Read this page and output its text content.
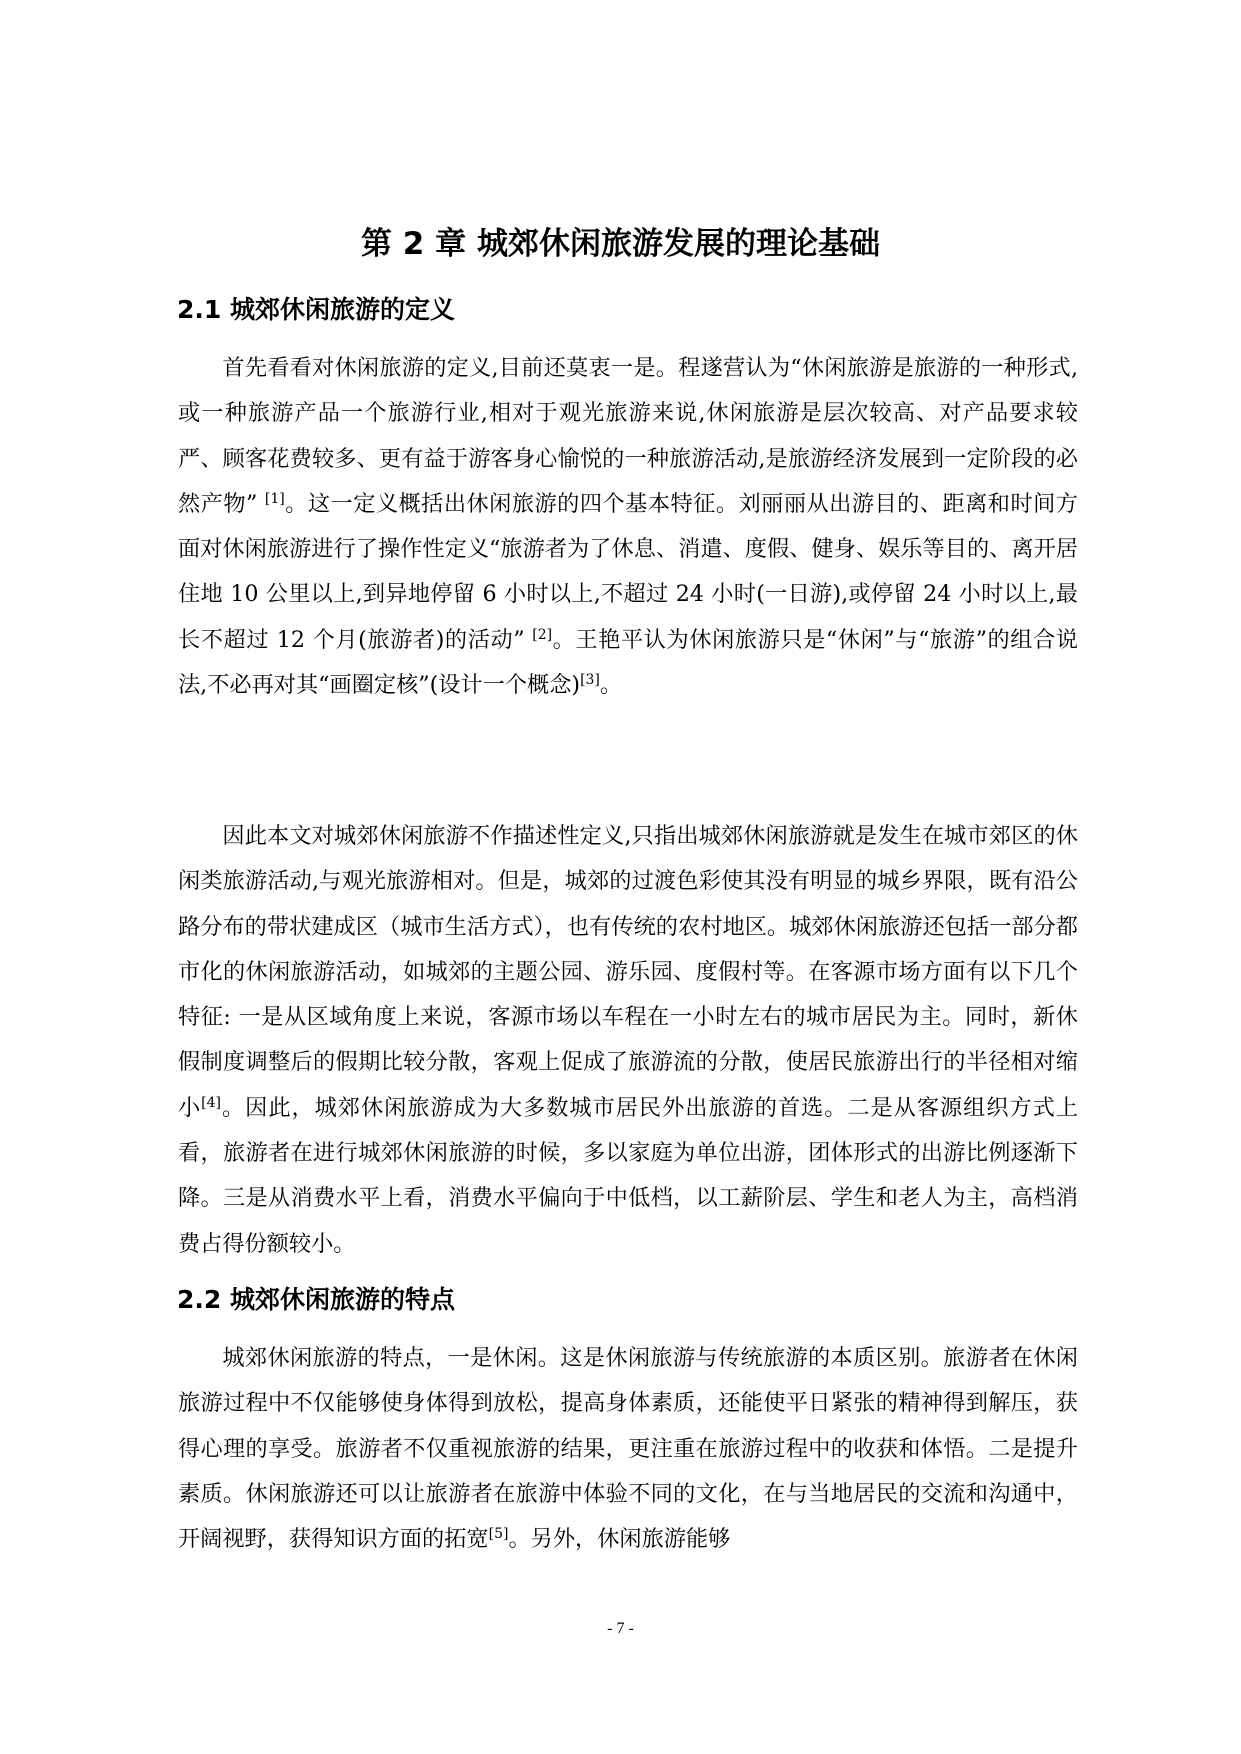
第 2 章 城郊休闲旅游发展的理论基础
2.1 城郊休闲旅游的定义

首先看看对休闲旅游的定义,目前还莫衷一是。程遂营认为“休闲旅游是旅游的一种形式,或一种旅游产品一个旅游行业,相对于观光旅游来说,休闲旅游是层次较高、对产品要求较严、顾客花费较多、更有益于游客身心愉悦的一种旅游活动,是旅游经济发展到一定阶段的必然产物” [1]。这一定义概括出休闲旅游的四个基本特征。刘丽丽从出游目的、距离和时间方面对休闲旅游进行了操作性定义“旅游者为了休息、消遣、度假、健身、娱乐等目的、离开居住地 10 公里以上,到异地停留 6 小时以上,不超过 24 小时(一日游),或停留 24 小时以上,最长不超过 12 个月(旅游者)的活动” [2]。王艳平认为休闲旅游只是“休闲”与“旅游”的组合说法,不必再对其“画圈定核”(设计一个概念)[3]。

因此本文对城郊休闲旅游不作描述性定义,只指出城郊休闲旅游就是发生在城市郊区的休闲类旅游活动,与观光旅游相对。但是，城郊的过渡色彩使其没有明显的城乡界限，既有沿公路分布的带状建成区（城市生活方式），也有传统的农村地区。城郊休闲旅游还包括一部分都市化的休闲旅游活动，如城郊的主题公园、游乐园、度假村等。在客源市场方面有以下几个特征: 一是从区域角度上来说，客源市场以车程在一小时左右的城市居民为主。同时，新休假制度调整后的假期比较分散，客观上促成了旅游流的分散，使居民旅游出行的半径相对缩小[4]。因此，城郊休闲旅游成为大多数城市居民外出旅游的首选。二是从客源组织方式上看，旅游者在进行城郊休闲旅游的时候，多以家庭为单位出游，团体形式的出游比例逐渐下降。三是从消费水平上看，消费水平偏向于中低档，以工薪阶层、学生和老人为主，高档消费占得份额较小。

2.2 城郊休闲旅游的特点

城郊休闲旅游的特点，一是休闲。这是休闲旅游与传统旅游的本质区别。旅游者在休闲旅游过程中不仅能够使身体得到放松，提高身体素质，还能使平日紧张的精神得到解压，获得心理的享受。旅游者不仅重视旅游的结果，更注重在旅游过程中的收获和体悟。二是提升素质。休闲旅游还可以让旅游者在旅游中体验不同的文化，在与当地居民的交流和沟通中，开阔视野，获得知识方面的拓宽[5]。另外，休闲旅游能够

- 7 -
